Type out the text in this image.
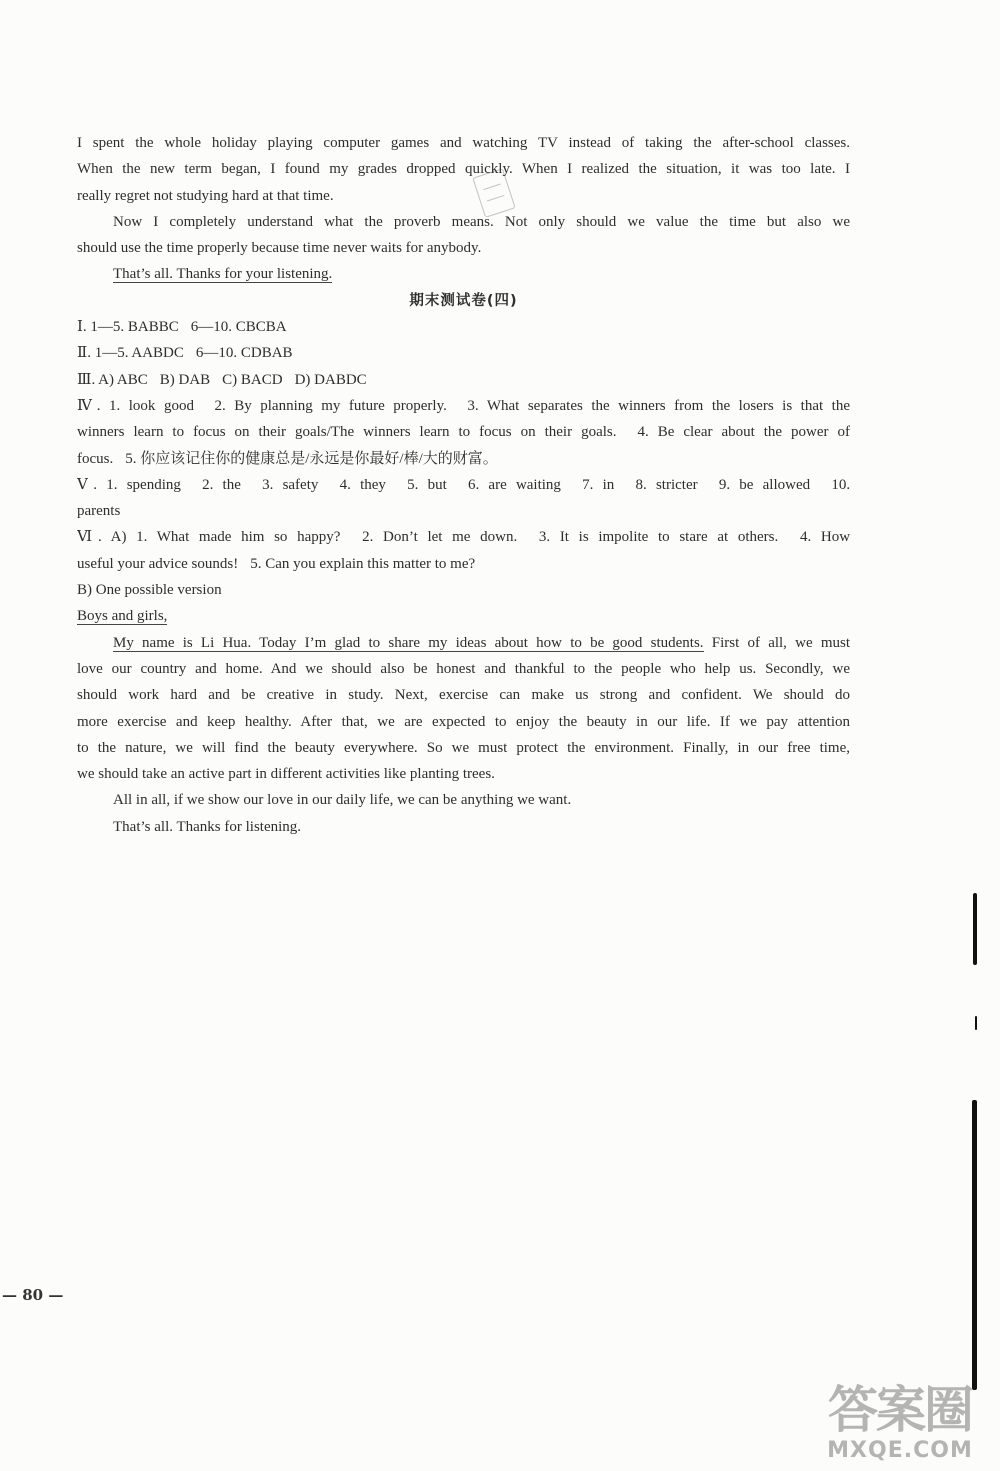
I spent the whole holiday playing computer games and watching TV instead of taking the after-school classes.
When the new term began, I found my grades dropped quickly. When I realized the situation, it was too late. I
really regret not studying hard at that time.
Now I completely understand what the proverb means. Not only should we value the time but also we
should use the time properly because time never waits for anybody.
That’s all. Thanks for your listening.
期末测试卷(四)
Ⅰ. 1—5. BABBC 6—10. CBCBA
Ⅱ. 1—5. AABDC 6—10. CDBAB
Ⅲ. A) ABC B) DAB C) BACD D) DABDC
Ⅳ. 1. look good 2. By planning my future properly. 3. What separates the winners from the losers is that the
winners learn to focus on their goals/The winners learn to focus on their goals. 4. Be clear about the power of
focus. 5. 你应该记住你的健康总是/永远是你最好/棒/大的财富。
Ⅴ. 1. spending 2. the 3. safety 4. they 5. but 6. are waiting 7. in 8. stricter 9. be allowed 10.
parents
Ⅵ. A) 1. What made him so happy? 2. Don’t let me down. 3. It is impolite to stare at others. 4. How
useful your advice sounds! 5. Can you explain this matter to me?
B) One possible version
Boys and girls,
My name is Li Hua. Today I’m glad to share my ideas about how to be good students. First of all, we must
love our country and home. And we should also be honest and thankful to the people who help us. Secondly, we
should work hard and be creative in study. Next, exercise can make us strong and confident. We should do
more exercise and keep healthy. After that, we are expected to enjoy the beauty in our life. If we pay attention
to the nature, we will find the beauty everywhere. So we must protect the environment. Finally, in our free time,
we should take an active part in different activities like planting trees.
All in all, if we show our love in our daily life, we can be anything we want.
That’s all. Thanks for listening.
— 80 —
答案圈
MXQE.COM
